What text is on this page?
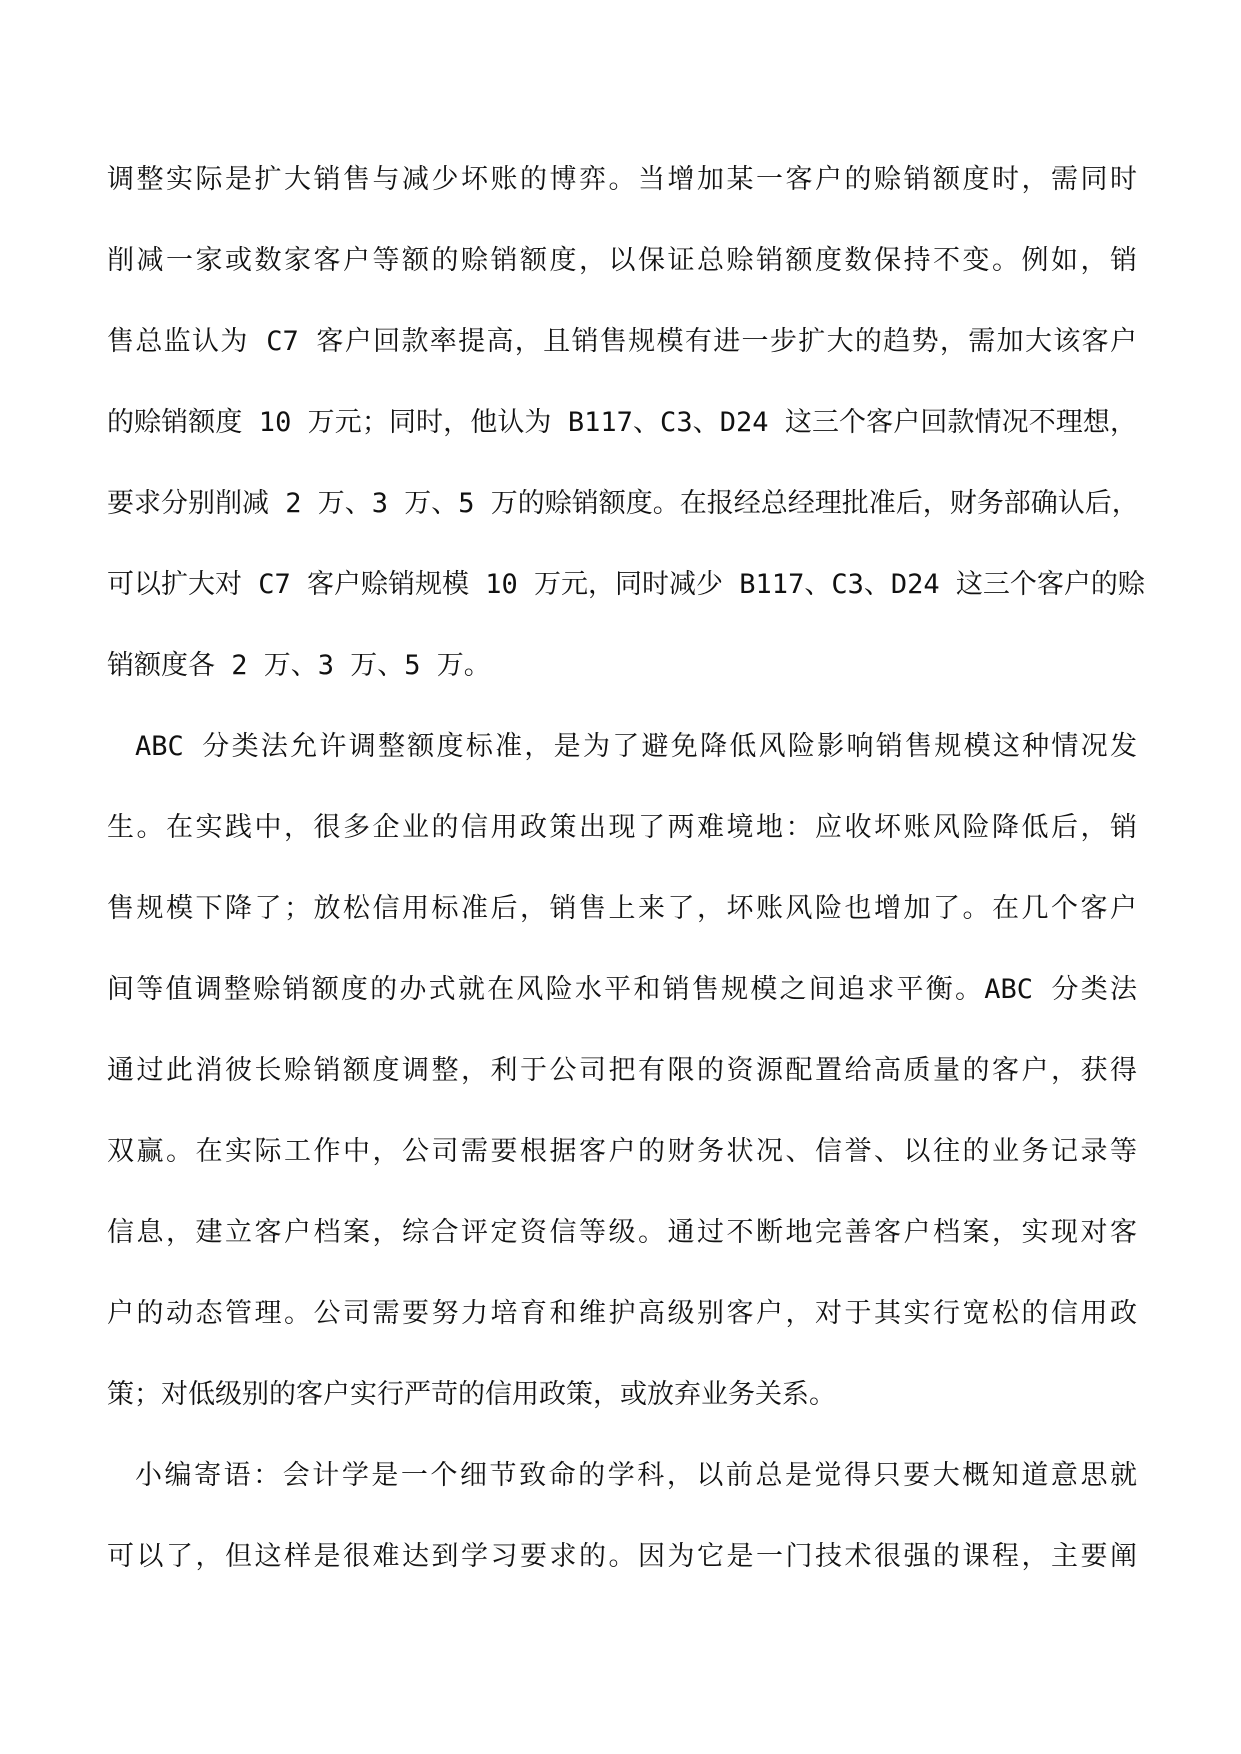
调整实际是扩大销售与减少坏账的博弈。当增加某一客户的赊销额度时，需同时
削减一家或数家客户等额的赊销额度，以保证总赊销额度数保持不变。例如，销
售总监认为 C7 客户回款率提高，且销售规模有进一步扩大的趋势，需加大该客户
的赊销额度 10 万元；同时，他认为 B117、C3、D24 这三个客户回款情况不理想，
要求分别削减 2 万、3 万、5 万的赊销额度。在报经总经理批准后，财务部确认后，
可以扩大对 C7 客户赊销规模 10 万元，同时减少 B117、C3、D24 这三个客户的赊
销额度各 2 万、3 万、5 万。
ABC 分类法允许调整额度标准，是为了避免降低风险影响销售规模这种情况发
生。在实践中，很多企业的信用政策出现了两难境地：应收坏账风险降低后，销
售规模下降了；放松信用标准后，销售上来了，坏账风险也增加了。在几个客户
间等值调整赊销额度的办式就在风险水平和销售规模之间追求平衡。ABC 分类法
通过此消彼长赊销额度调整，利于公司把有限的资源配置给高质量的客户，获得
双赢。在实际工作中，公司需要根据客户的财务状况、信誉、以往的业务记录等
信息，建立客户档案，综合评定资信等级。通过不断地完善客户档案，实现对客
户的动态管理。公司需要努力培育和维护高级别客户，对于其实行宽松的信用政
策；对低级别的客户实行严苛的信用政策，或放弃业务关系。
小编寄语：会计学是一个细节致命的学科，以前总是觉得只要大概知道意思就
可以了，但这样是很难达到学习要求的。因为它是一门技术很强的课程，主要阐
